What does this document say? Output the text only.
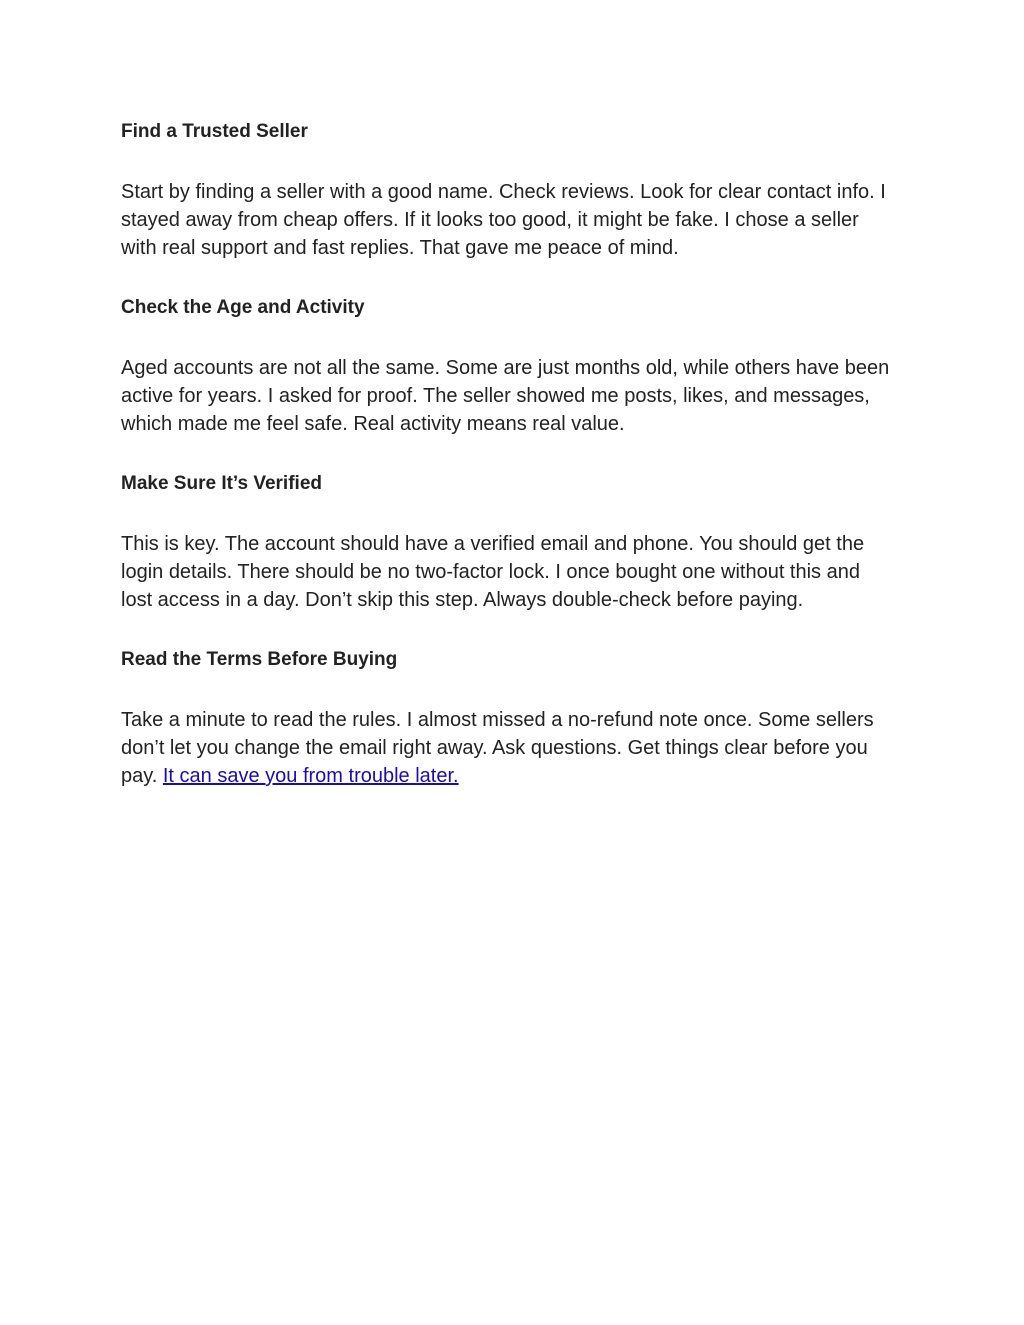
Find a Trusted Seller

Start by finding a seller with a good name. Check reviews. Look for clear contact info. I
stayed away from cheap offers. If it looks too good, it might be fake. I chose a seller
with real support and fast replies. That gave me peace of mind.

Check the Age and Activity

Aged accounts are not all the same. Some are just months old, while others have been
active for years. I asked for proof. The seller showed me posts, likes, and messages,
which made me feel safe. Real activity means real value.

Make Sure It’s Verified

This is key. The account should have a verified email and phone. You should get the
login details. There should be no two-factor lock. I once bought one without this and
lost access in a day. Don’t skip this step. Always double-check before paying.

Read the Terms Before Buying

Take a minute to read the rules. I almost missed a no-refund note once. Some sellers
don’t let you change the email right away. Ask questions. Get things clear before you
pay. It can save you from trouble later.
